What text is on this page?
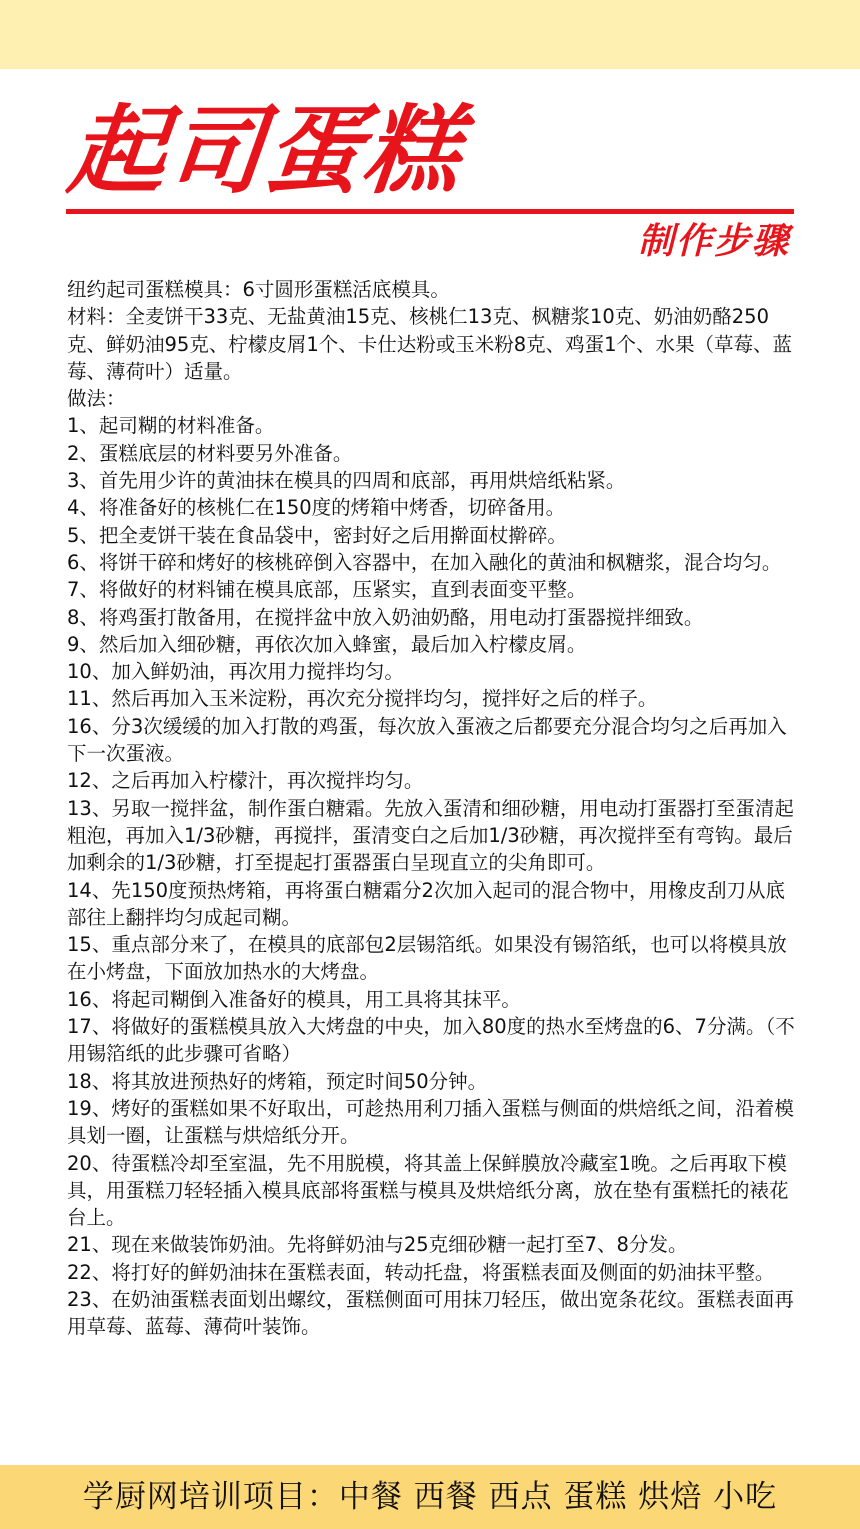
起司蛋糕
制作步骤

纽约起司蛋糕模具：6寸圆形蛋糕活底模具。

材料：全麦饼干33克、无盐黄油15克、核桃仁13克、枫糖浆10克、奶油奶酪250克、鲜奶油95克、柠檬皮屑1个、卡仕达粉或玉米粉8克、鸡蛋1个、水果（草莓、蓝莓、薄荷叶）适量。

做法：

1、起司糊的材料准备。

2、蛋糕底层的材料要另外准备。

3、首先用少许的黄油抹在模具的四周和底部，再用烘焙纸粘紧。

4、将准备好的核桃仁在150度的烤箱中烤香，切碎备用。

5、把全麦饼干装在食品袋中，密封好之后用擀面杖擀碎。

6、将饼干碎和烤好的核桃碎倒入容器中，在加入融化的黄油和枫糖浆，混合均匀。

7、将做好的材料铺在模具底部，压紧实，直到表面变平整。

8、将鸡蛋打散备用，在搅拌盆中放入奶油奶酪，用电动打蛋器搅拌细致。

9、然后加入细砂糖，再依次加入蜂蜜，最后加入柠檬皮屑。

10、加入鲜奶油，再次用力搅拌均匀。

11、然后再加入玉米淀粉，再次充分搅拌均匀，搅拌好之后的样子。

16、分3次缓缓的加入打散的鸡蛋，每次放入蛋液之后都要充分混合均匀之后再加入下一次蛋液。

12、之后再加入柠檬汁，再次搅拌均匀。

13、另取一搅拌盆，制作蛋白糖霜。先放入蛋清和细砂糖，用电动打蛋器打至蛋清起粗泡，再加入1/3砂糖，再搅拌，蛋清变白之后加1/3砂糖，再次搅拌至有弯钩。最后加剩余的1/3砂糖，打至提起打蛋器蛋白呈现直立的尖角即可。

14、先150度预热烤箱，再将蛋白糖霜分2次加入起司的混合物中，用橡皮刮刀从底部往上翻拌均匀成起司糊。

15、重点部分来了，在模具的底部包2层锡箔纸。如果没有锡箔纸，也可以将模具放在小烤盘，下面放加热水的大烤盘。

16、将起司糊倒入准备好的模具，用工具将其抹平。

17、将做好的蛋糕模具放入大烤盘的中央，加入80度的热水至烤盘的6、7分满。（不用锡箔纸的此步骤可省略）

18、将其放进预热好的烤箱，预定时间50分钟。

19、烤好的蛋糕如果不好取出，可趁热用利刀插入蛋糕与侧面的烘焙纸之间，沿着模具划一圈，让蛋糕与烘焙纸分开。

20、待蛋糕冷却至室温，先不用脱模，将其盖上保鲜膜放冷藏室1晚。之后再取下模具，用蛋糕刀轻轻插入模具底部将蛋糕与模具及烘焙纸分离，放在垫有蛋糕托的裱花台上。

21、现在来做装饰奶油。先将鲜奶油与25克细砂糖一起打至7、8分发。

22、将打好的鲜奶油抹在蛋糕表面，转动托盘，将蛋糕表面及侧面的奶油抹平整。

23、在奶油蛋糕表面划出螺纹，蛋糕侧面可用抹刀轻压，做出宽条花纹。蛋糕表面再用草莓、蓝莓、薄荷叶装饰。

学厨网培训项目：中餐 西餐 西点 蛋糕 烘焙 小吃
